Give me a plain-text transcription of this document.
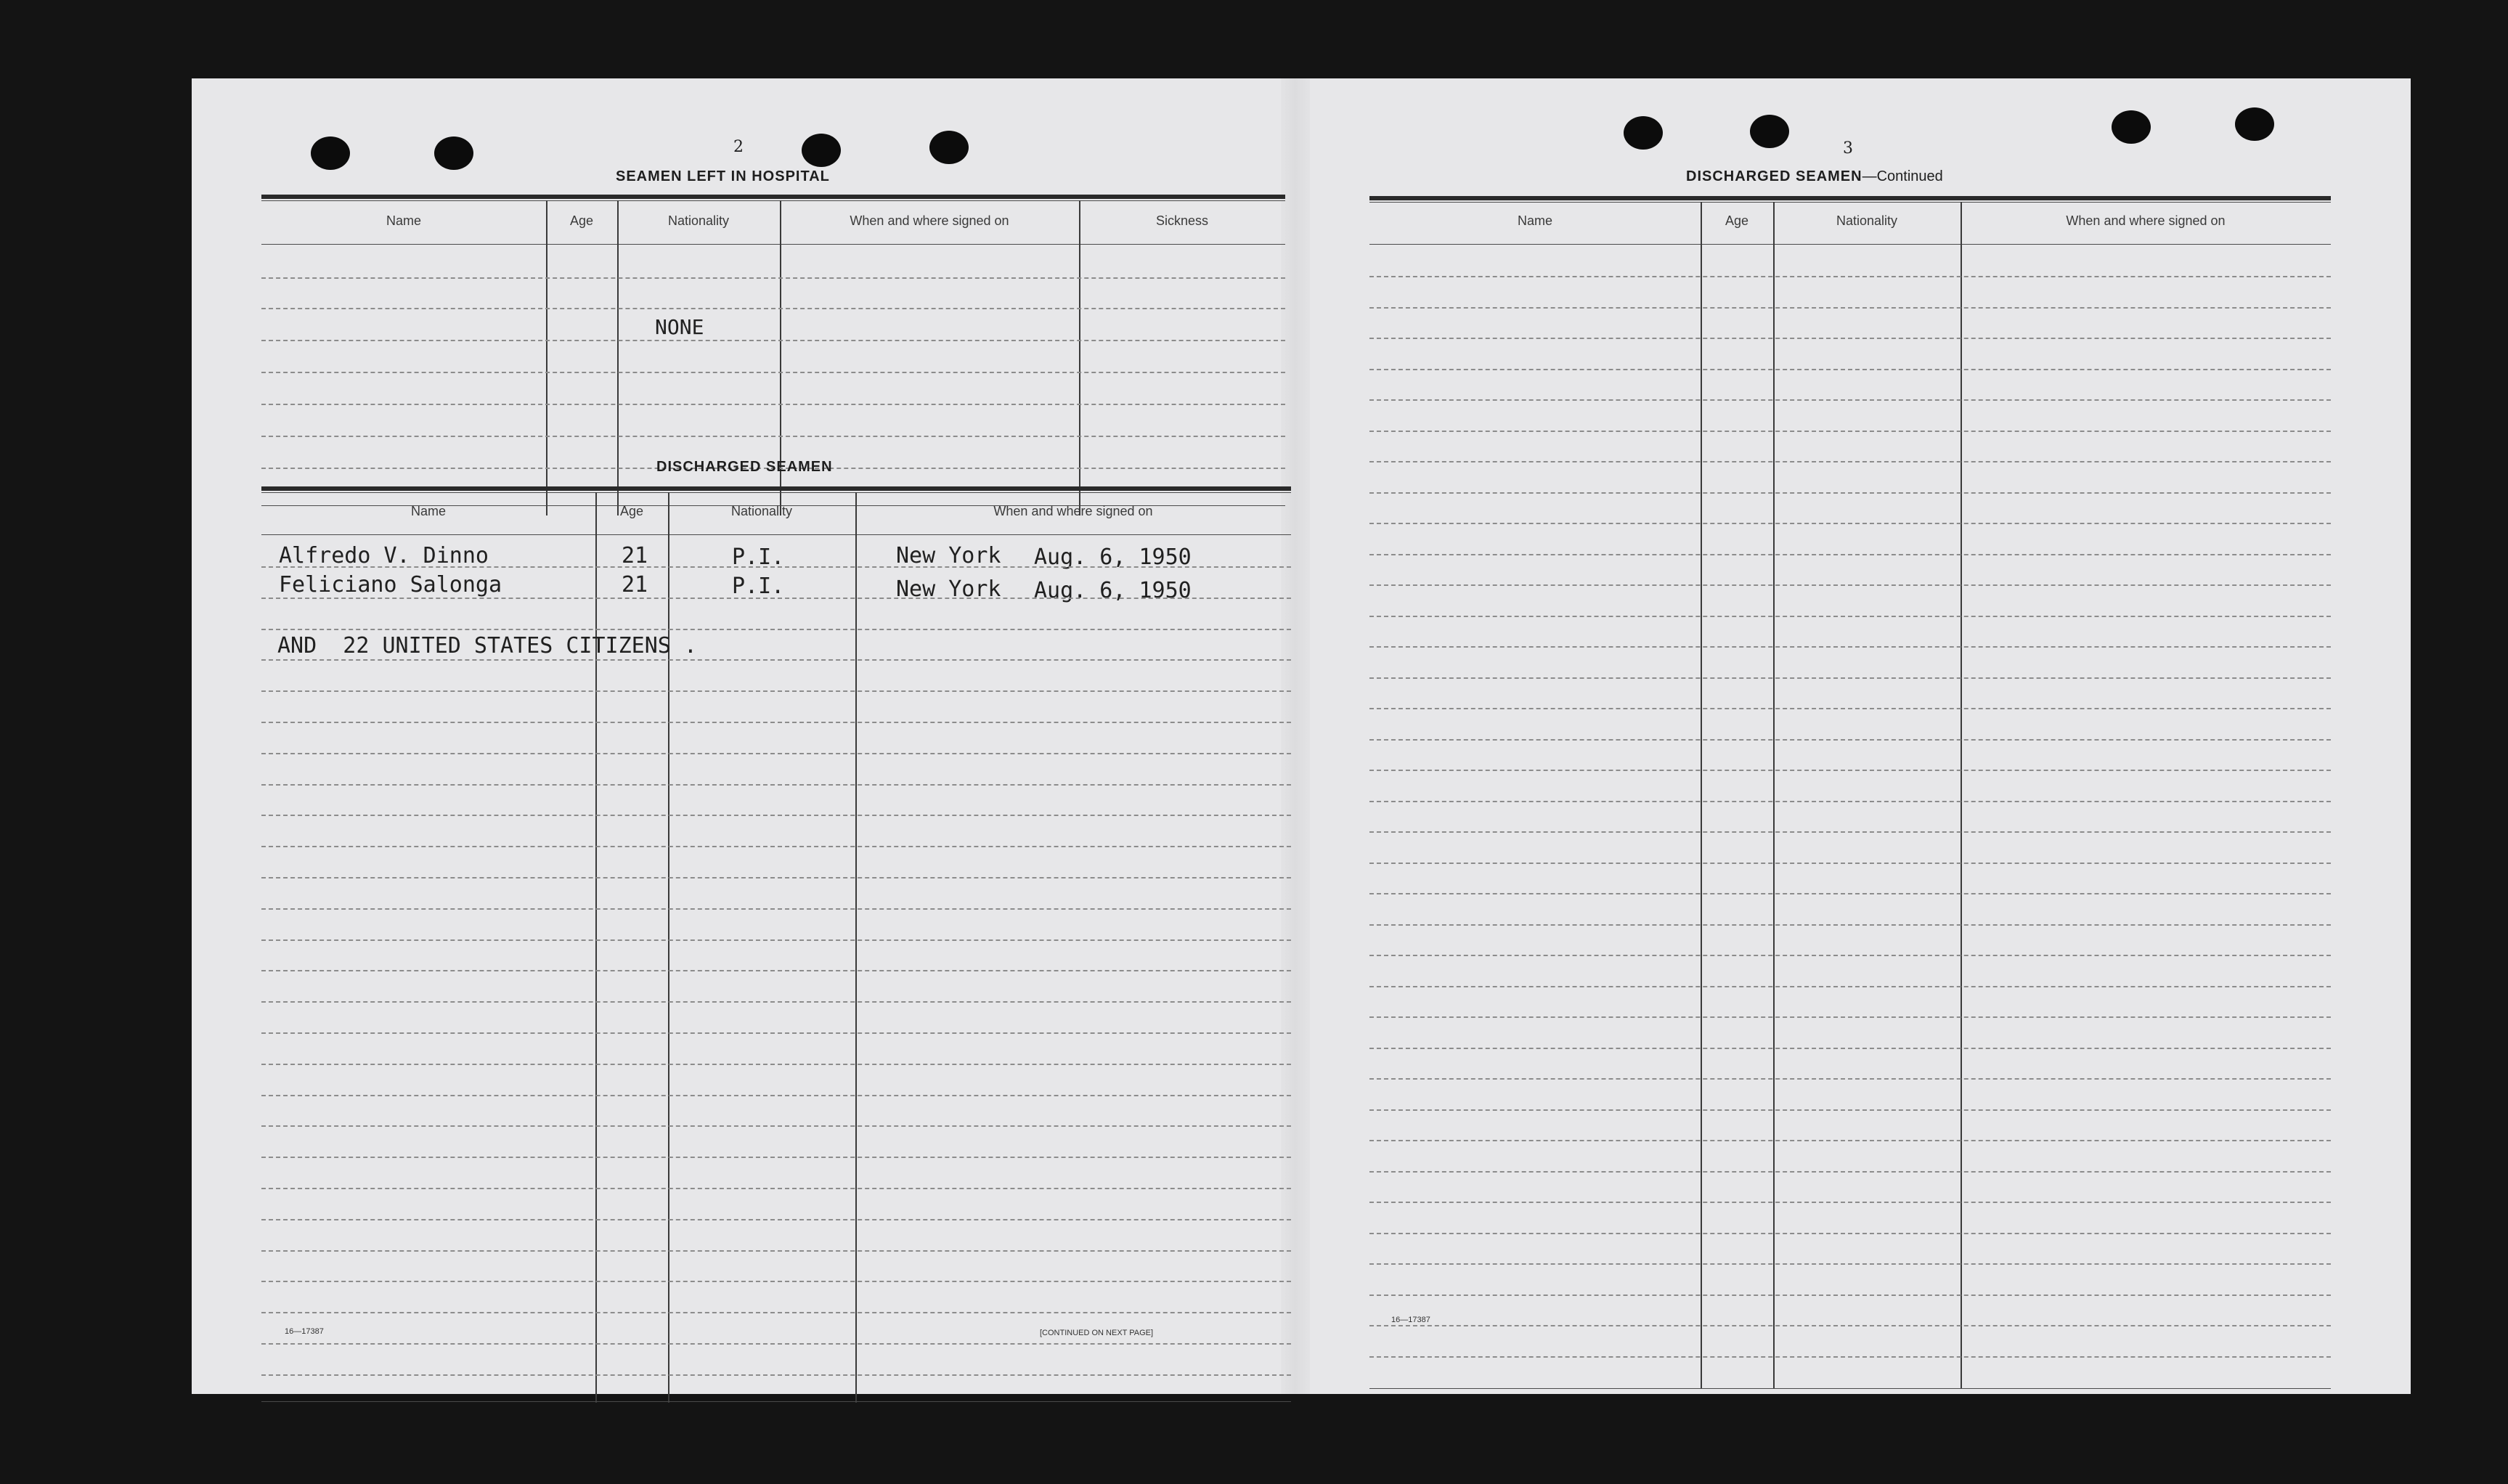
2
SEAMEN LEFT IN HOSPITAL
Name	Age	Nationality	When and where signed on	Sickness
NONE
DISCHARGED SEAMEN
Name	Age	Nationality	When and where signed on
Alfredo V. Dinno	21	P.I.	New York Aug. 6, 1950
Feliciano Salonga	21	P.I.	New York Aug. 6, 1950
AND  22 UNITED STATES CITIZENS .
16—17387	[CONTINUED ON NEXT PAGE]
3
DISCHARGED SEAMEN—Continued
Name	Age	Nationality	When and where signed on
16—17387
